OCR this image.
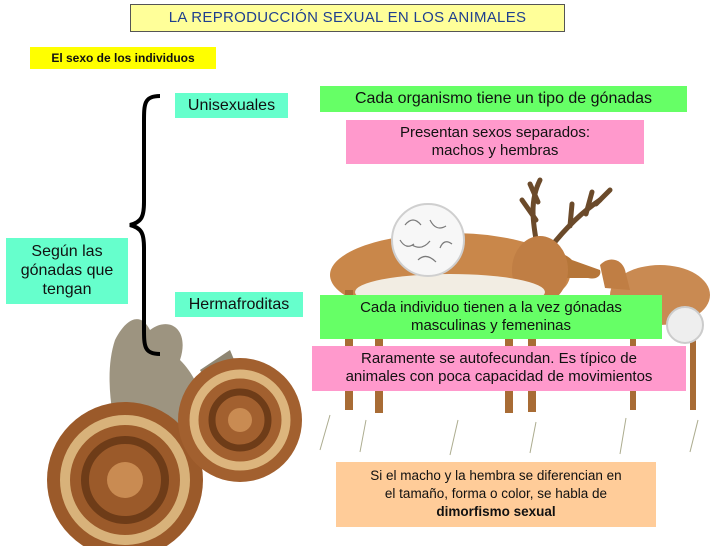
LA REPRODUCCIÓN SEXUAL EN LOS ANIMALES
El sexo de los individuos
Según las
gónadas que
tengan
Unisexuales	Cada organismo tiene un tipo de gónadas
Presentan sexos separados:
machos y hembras
Hermafroditas	Cada individuo tienen a la vez gónadas
masculinas y femeninas
Raramente se autofecundan. Es típico de
animales con poca capacidad de movimientos
Si el macho y la hembra se diferencian en
el tamaño, forma o color, se habla de
dimorfismo sexual
